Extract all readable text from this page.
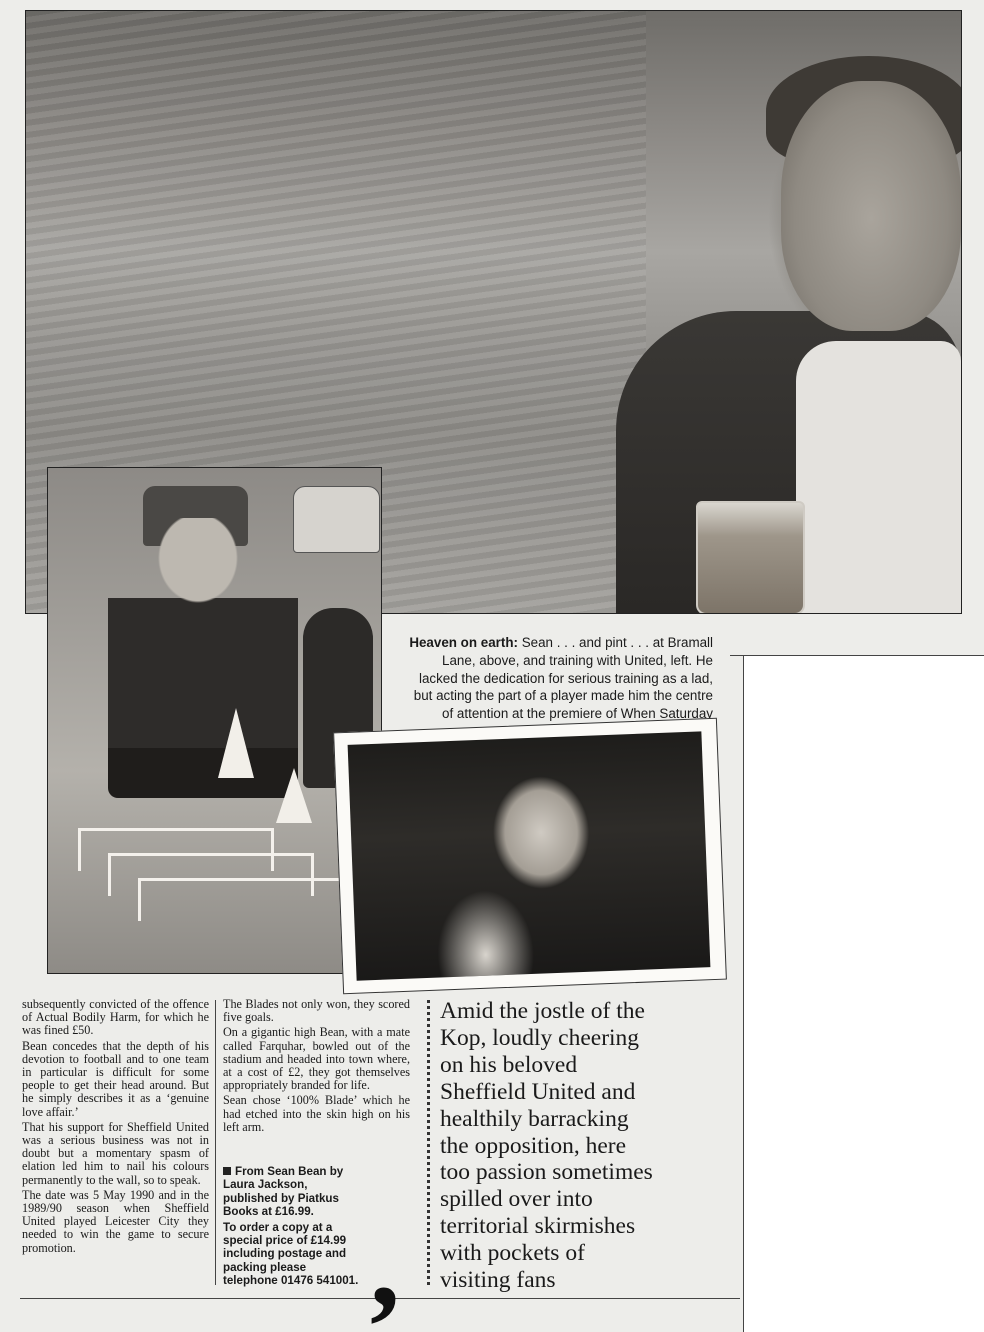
Heaven on earth: Sean . . . and pint . . . at Bramall Lane, above, and training with United, left. He lacked the dedication for serious training as a lad, but acting the part of a player made him the centre of attention at the premiere of When Saturday

subsequently convicted of the offence of Actual Bodily Harm, for which he was fined £50.

Bean concedes that the depth of his devotion to football and to one team in particular is difficult for some people to get their head around. But he simply describes it as a ‘genuine love affair.’

That his support for Sheffield United was a serious business was not in doubt but a momentary spasm of elation led him to nail his colours permanently to the wall, so to speak.

The date was 5 May 1990 and in the 1989/90 season when Sheffield United played Leicester City they needed to win the game to secure promotion.

The Blades not only won, they scored five goals.

On a gigantic high Bean, with a mate called Farquhar, bowled out of the stadium and headed into town where, at a cost of £2, they got themselves appropriately branded for life.

Sean chose ‘100% Blade’ which he had etched into the skin high on his left arm.

From Sean Bean by Laura Jackson, published by Piatkus Books at £16.99.

To order a copy at a special price of £14.99 including postage and packing please telephone 01476 541001. ,
Amid the jostle of the
Kop, loudly cheering
on his beloved
Sheffield United and
healthily barracking
the opposition, here
too passion sometimes
spilled over into
territorial skirmishes
with pockets of
visiting fans
